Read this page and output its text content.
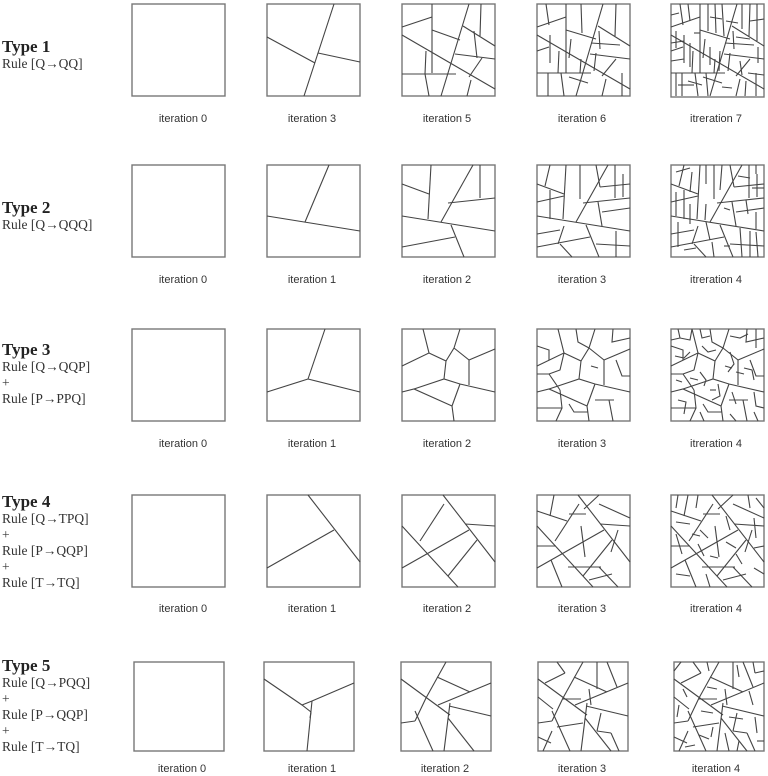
Type 1
Rule [Q→QQ]
iteration 0	iteration 3	iteration 5	iteration 6	itreration 7
Type 2
Rule [Q→QQQ]
iteration 0	iteration 1	iteration 2	iteration 3	itreration 4
Type 3
Rule [Q→QQP]
+
Rule [P→PPQ]
iteration 0	iteration 1	iteration 2	iteration 3	itreration 4
Type 4
Rule [Q→TPQ]
+
Rule [P→QQP]
+
Rule [T→TQ]
iteration 0	iteration 1	iteration 2	iteration 3	itreration 4
Type 5
Rule [Q→PQQ]
+
Rule [P→QQP]
+
Rule [T→TQ]
iteration 0	iteration 1	iteration 2	iteration 3	iteration 4
